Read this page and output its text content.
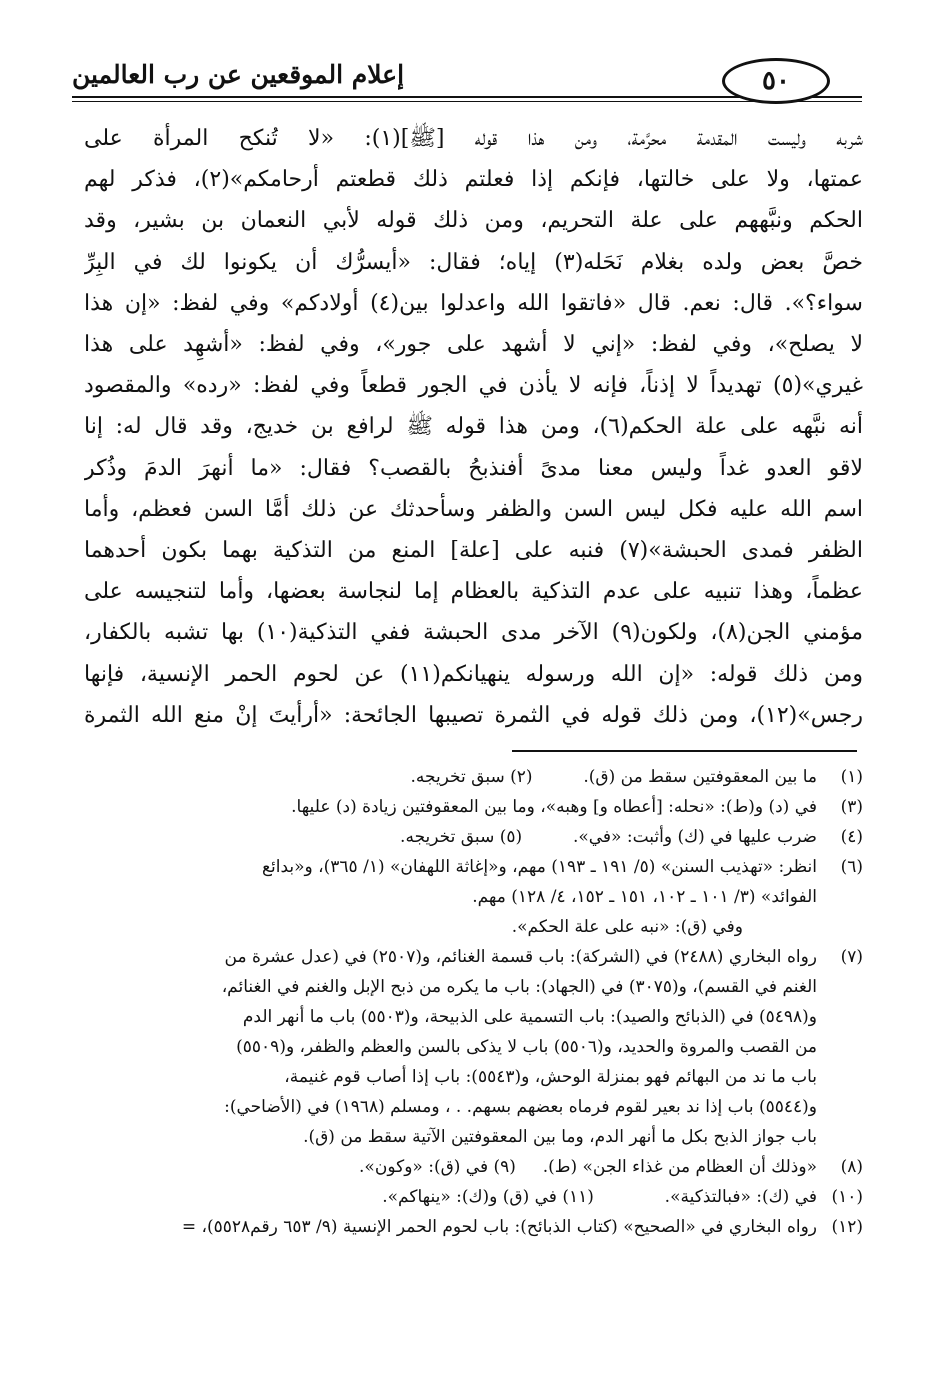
إعلام الموقعين عن رب العالمين	٥٠
شربه وليست المقدمة محرَّمة، ومن هذا قوله [ﷺ](١): «لا تُنكح المرأة على
عمتها، ولا على خالتها، فإنكم إذا فعلتم ذلك قطعتم أرحامكم»(٢)، فذكر لهم
الحكم ونبَّههم على علة التحريم، ومن ذلك قوله لأبي النعمان بن بشير، وقد
خصَّ بعض ولده بغلام نَحَله(٣) إياه؛ فقال: «أيسرُّك أن يكونوا لك في البِرِّ
سواء؟». قال: نعم. قال «فاتقوا الله واعدلوا بين(٤) أولادكم» وفي لفظ: «إن هذا
لا يصلح»، وفي لفظ: «إني لا أشهد على جور»، وفي لفظ: «أشهِد على هذا
غيري»(٥) تهديداً لا إذناً، فإنه لا يأذن في الجور قطعاً وفي لفظ: «رده» والمقصود
أنه نبَّهه على علة الحكم(٦)، ومن هذا قوله ﷺ لرافع بن خديج، وقد قال له: إنا
لاقو العدو غداً وليس معنا مدىً أفنذبحُ بالقصب؟ فقال: «ما أنهرَ الدمَ وذُكر
اسم الله عليه فكل ليس السن والظفر وسأحدثك عن ذلك أمَّا السن فعظم، وأما
الظفر فمدى الحبشة»(٧) فنبه على [علة] المنع من التذكية بهما بكون أحدهما
عظماً، وهذا تنبيه على عدم التذكية بالعظام إما لنجاسة بعضها، وأما لتنجيسه على
مؤمني الجن(٨)، ولكون(٩) الآخر مدى الحبشة ففي التذكية(١٠) بها تشبه بالكفار،
ومن ذلك قوله: «إن الله ورسوله ينهيانكم(١١) عن لحوم الحمر الإنسية، فإنها
رجس»(١٢)، ومن ذلك قوله في الثمرة تصيبها الجائحة: «أرأيتَ إنْ منع الله الثمرة
(١)
ما بين المعقوفتين سقط من (ق).  (٢) سبق تخريجه.
(٣)
في (د) و(ط): «نحله: [أعطاه و] وهبه»، وما بين المعقوفتين زيادة (د) عليها.
(٤)
ضرب عليها في (ك) وأثبت: «في».  (٥) سبق تخريجه.
(٦)
انظر: «تهذيب السنن» (٥/ ١٩١ ـ ١٩٣) مهم، و«إغاثة اللهفان» (١/ ٣٦٥)، و«بدائع
الفوائد» (٣/ ١٠١ ـ ١٠٢، ١٥١ ـ ١٥٢، ٤/ ١٢٨) مهم.
وفي (ق): «نبه على علة الحكم».
(٧)
رواه البخاري (٢٤٨٨) في (الشركة): باب قسمة الغنائم، و(٢٥٠٧) في (عدل عشرة من
الغنم في القسم)، و(٣٠٧٥) في (الجهاد): باب ما يكره من ذبح الإبل والغنم في الغنائم،
و(٥٤٩٨) في (الذبائح والصيد): باب التسمية على الذبيحة، و(٥٥٠٣) باب ما أنهر الدم
من القصب والمروة والحديد، و(٥٥٠٦) باب لا يذكى بالسن والعظم والظفر، و(٥٥٠٩)
باب ما ند من البهائم فهو بمنزلة الوحش، و(٥٥٤٣): باب إذا أصاب قوم غنيمة،
و(٥٥٤٤) باب إذا ند بعير لقوم فرماه بعضهم بسهم. . ، ومسلم (١٩٦٨) في (الأضاحي):
باب جواز الذبح بكل ما أنهر الدم، وما بين المعقوفتين الآتية سقط من (ق).
(٨)
«وذلك أن العظام من غذاء الجن» (ط).  (٩) في (ق): «وكون».
(١٠)
في (ك): «فبالتذكية».  (١١) في (ق) و(ك): «ينهاكم».
(١٢)
رواه البخاري في «الصحيح» (كتاب الذبائح): باب لحوم الحمر الإنسية (٩/ ٦٥٣ رقم٥٥٢٨)، =
